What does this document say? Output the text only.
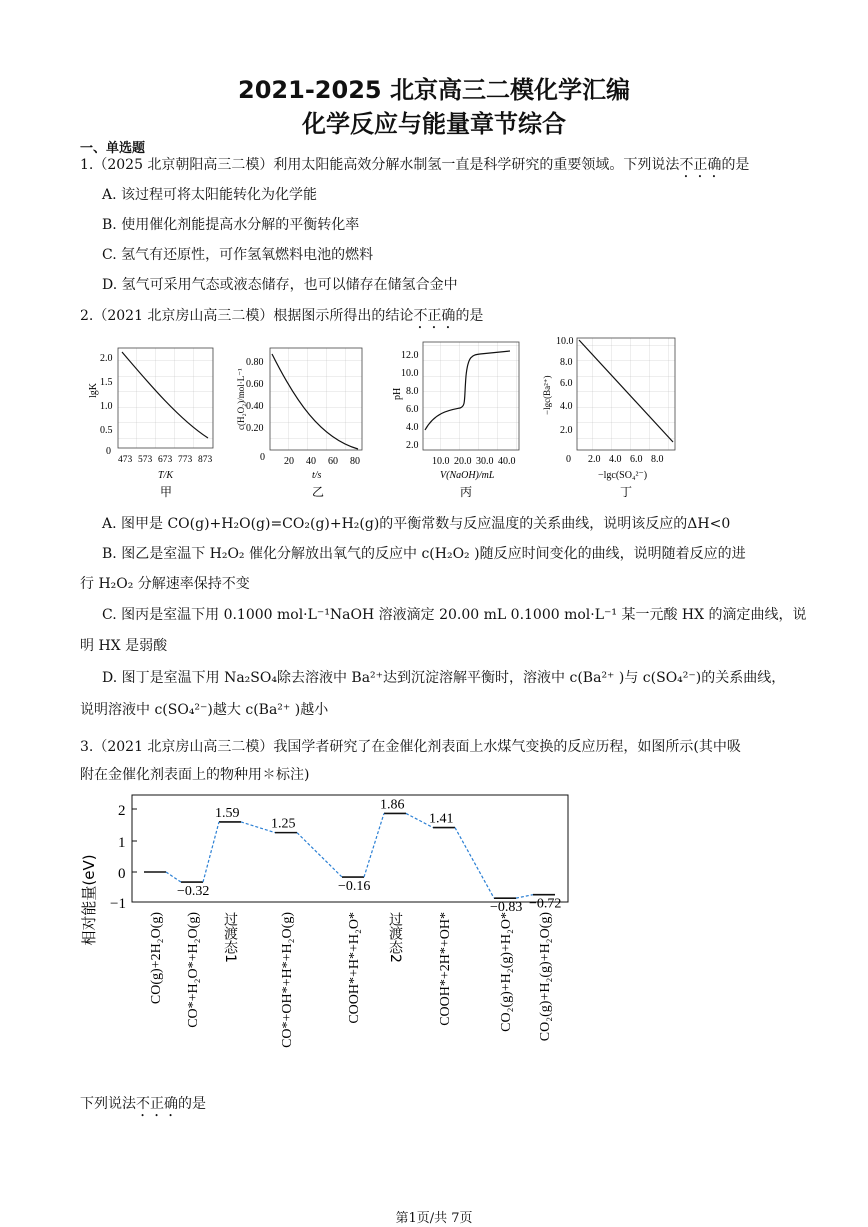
2021-2025 北京高三二模化学汇编
化学反应与能量章节综合
一、单选题
1.（2025 北京朝阳高三二模）利用太阳能高效分解水制氢一直是科学研究的重要领域。下列说法不正确的是
A. 该过程可将太阳能转化为化学能
B. 使用催化剂能提高水分解的平衡转化率
C. 氢气有还原性，可作氢氧燃料电池的燃料
D. 氢气可采用气态或液态储存，也可以储存在储氢合金中
2.（2021 北京房山高三二模）根据图示所得出的结论不正确的是
lgK
2.0
1.5
1.0
0.5
0
473 573 673 773 873
T/K
甲
c(H₂O₂)/mol·L⁻¹
0.80
0.60
0.40
0.20
0 20 40 60 80
t/s
乙
pH
12.0
10.0
8.0
6.0
4.0
2.0
10.0 20.0 30.0 40.0
V(NaOH)/mL
丙
−lgc(Ba²⁺)
10.0
8.0
6.0
4.0
2.0
0 2.0 4.0 6.0 8.0
−lgc(SO₄²⁻)
丁
A. 图甲是 CO(g)+H₂O(g)=CO₂(g)+H₂(g)的平衡常数与反应温度的关系曲线，说明该反应的ΔH<0
B. 图乙是室温下 H₂O₂ 催化分解放出氧气的反应中 c(H₂O₂ )随反应时间变化的曲线，说明随着反应的进
行 H₂O₂ 分解速率保持不变
C. 图丙是室温下用 0.1000 mol·L⁻¹NaOH 溶液滴定 20.00 mL 0.1000 mol·L⁻¹ 某一元酸 HX 的滴定曲线，说
明 HX 是弱酸
D. 图丁是室温下用 Na₂SO₄除去溶液中 Ba²⁺达到沉淀溶解平衡时，溶液中 c(Ba²⁺ )与 c(SO₄²⁻)的关系曲线，
说明溶液中 c(SO₄²⁻)越大 c(Ba²⁺ )越小
3.（2021 北京房山高三二模）我国学者研究了在金催化剂表面上水煤气变换的反应历程，如图所示(其中吸
附在金催化剂表面上的物种用✽标注)
相对能量(eV)
2
1
0
−1
−0.32
1.59
1.25
−0.16
1.86
1.41
−0.83 −0.72
CO(g)+2H₂O(g) CO*+H₂O*+H₂O(g) 过渡态1	CO*+OH*+H*+H₂O(g)	COOH*+H*+H₂O* 过渡态2	COOH*+2H*+OH*	CO₂(g)+H₂(g)+H₂O* CO₂(g)+H₂(g)+H₂O(g)
下列说法不正确的是
第1页/共 7页
